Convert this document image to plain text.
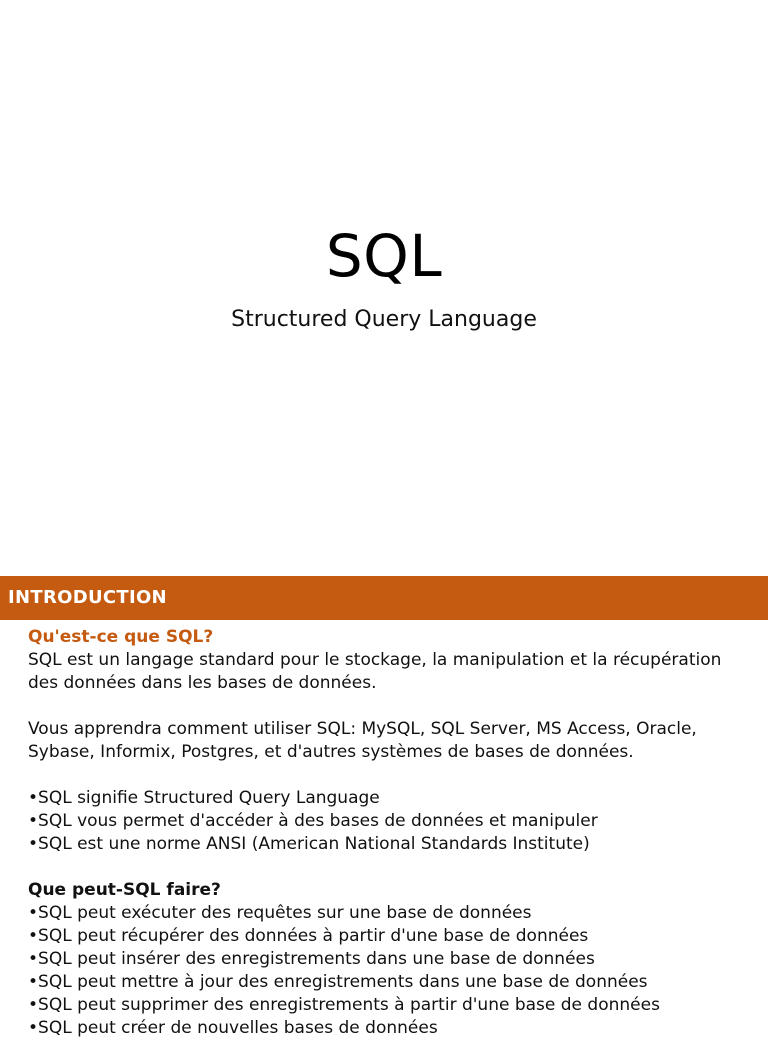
SQL
Structured Query Language
INTRODUCTION

Qu'est-ce que SQL?

SQL est un langage standard pour le stockage, la manipulation et la récupération

des données dans les bases de données.

Vous apprendra comment utiliser SQL: MySQL, SQL Server, MS Access, Oracle,

Sybase, Informix, Postgres, et d'autres systèmes de bases de données.

•SQL signifie Structured Query Language

•SQL vous permet d'accéder à des bases de données et manipuler

•SQL est une norme ANSI (American National Standards Institute)

Que peut-SQL faire?

•SQL peut exécuter des requêtes sur une base de données

•SQL peut récupérer des données à partir d'une base de données

•SQL peut insérer des enregistrements dans une base de données

•SQL peut mettre à jour des enregistrements dans une base de données

•SQL peut supprimer des enregistrements à partir d'une base de données

•SQL peut créer de nouvelles bases de données
